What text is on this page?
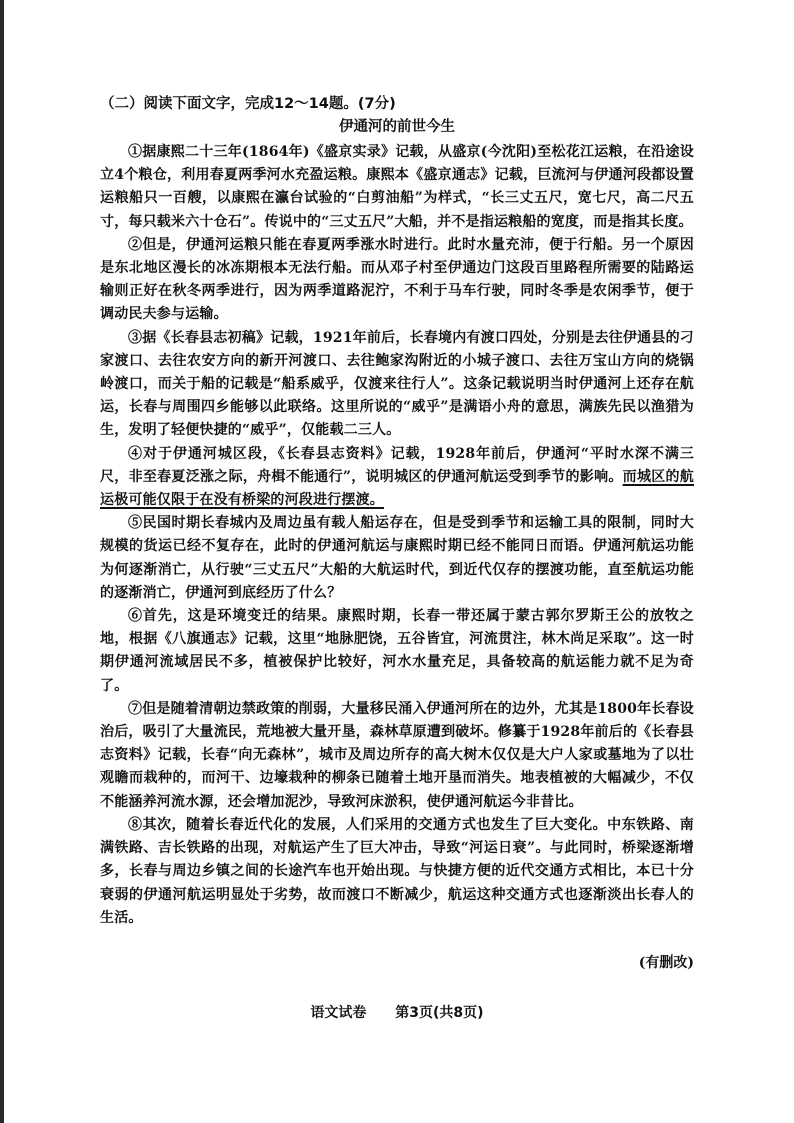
（二）阅读下面文字，完成12～14题。(7分)
伊通河的前世今生

①据康熙二十三年(1864年)《盛京实录》记载，从盛京(今沈阳)至松花江运粮，在沿途设立4个粮仓，利用春夏两季河水充盈运粮。康熙本《盛京通志》记载，巨流河与伊通河段都设置运粮船只一百艘，以康熙在瀛台试验的“白剪油船”为样式，“长三丈五尺，宽七尺，高二尺五寸，每只载米六十仓石”。传说中的“三丈五尺”大船，并不是指运粮船的宽度，而是指其长度。

②但是，伊通河运粮只能在春夏两季涨水时进行。此时水量充沛，便于行船。另一个原因是东北地区漫长的冰冻期根本无法行船。而从邓子村至伊通边门这段百里路程所需要的陆路运输则正好在秋冬两季进行，因为两季道路泥泞，不利于马车行驶，同时冬季是农闲季节，便于调动民夫参与运输。

③据《长春县志初稿》记载，1921年前后，长春境内有渡口四处，分别是去往伊通县的刁家渡口、去往农安方向的新开河渡口、去往鲍家沟附近的小城子渡口、去往万宝山方向的烧锅岭渡口，而关于船的记载是“船系威乎，仅渡来往行人”。这条记载说明当时伊通河上还存在航运，长春与周围四乡能够以此联络。这里所说的“威乎”是满语小舟的意思，满族先民以渔猎为生，发明了轻便快捷的“威乎”，仅能载二三人。

④对于伊通河城区段，《长春县志资料》记载，1928年前后，伊通河“平时水深不满三尺，非至春夏泛涨之际，舟楫不能通行”，说明城区的伊通河航运受到季节的影响。而城区的航运极可能仅限于在没有桥梁的河段进行摆渡。

⑤民国时期长春城内及周边虽有载人船运存在，但是受到季节和运输工具的限制，同时大规模的货运已经不复存在，此时的伊通河航运与康熙时期已经不能同日而语。伊通河航运功能为何逐渐消亡，从行驶“三丈五尺”大船的大航运时代，到近代仅存的摆渡功能，直至航运功能的逐渐消亡，伊通河到底经历了什么？

⑥首先，这是环境变迁的结果。康熙时期，长春一带还属于蒙古郭尔罗斯王公的放牧之地，根据《八旗通志》记载，这里“地脉肥饶，五谷皆宜，河流贯注，林木尚足采取”。这一时期伊通河流域居民不多，植被保护比较好，河水水量充足，具备较高的航运能力就不足为奇了。

⑦但是随着清朝边禁政策的削弱，大量移民涌入伊通河所在的边外，尤其是1800年长春设治后，吸引了大量流民，荒地被大量开垦，森林草原遭到破坏。修纂于1928年前后的《长春县志资料》记载，长春“向无森林”，城市及周边所存的高大树木仅仅是大户人家或墓地为了以壮观瞻而栽种的，而河干、边壕栽种的柳条已随着土地开垦而消失。地表植被的大幅减少，不仅不能涵养河流水源，还会增加泥沙，导致河床淤积，使伊通河航运今非昔比。

⑧其次，随着长春近代化的发展，人们采用的交通方式也发生了巨大变化。中东铁路、南满铁路、吉长铁路的出现，对航运产生了巨大冲击，导致“河运日衰”。与此同时，桥梁逐渐增多，长春与周边乡镇之间的长途汽车也开始出现。与快捷方便的近代交通方式相比，本已十分衰弱的伊通河航运明显处于劣势，故而渡口不断减少，航运这种交通方式也逐渐淡出长春人的生活。

(有删改)
语文试卷 第3页(共8页)
